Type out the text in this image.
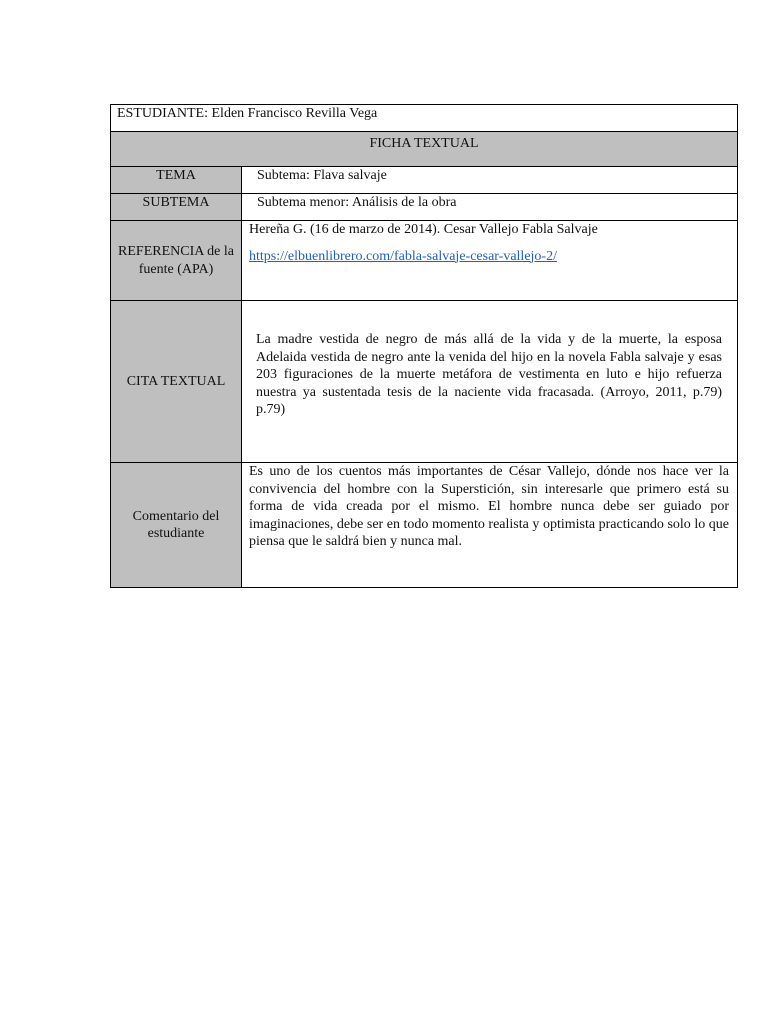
ESTUDIANTE: Elden Francisco Revilla Vega	

FICHA TEXTUAL	

TEMA	Subtema: Flava salvaje
SUBTEMA	Subtema menor: Análisis de la obra
REFERENCIA de la fuente (APA)	Hereña G. (16 de marzo de 2014). Cesar Vallejo Fabla Salvaje
https://elbuenlibrero.com/fabla-salvaje-cesar-vallejo-2/
CITA TEXTUAL	La madre vestida de negro de más allá de la vida y de la muerte, la esposa Adelaida vestida de negro ante la venida del hijo en la novela Fabla salvaje y esas 203 figuraciones de la muerte metáfora de vestimenta en luto e hijo refuerza nuestra ya sustentada tesis de la naciente vida fracasada. (Arroyo, 2011, p.79) p.79)

Comentario del estudiante	Es uno de los cuentos más importantes de César Vallejo, dónde nos hace ver la convivencia del hombre con la Superstición, sin interesarle que primero está su forma de vida creada por el mismo. El hombre nunca debe ser guiado por imaginaciones, debe ser en todo momento realista y optimista practicando solo lo que piensa que le saldrá bien y nunca mal.
